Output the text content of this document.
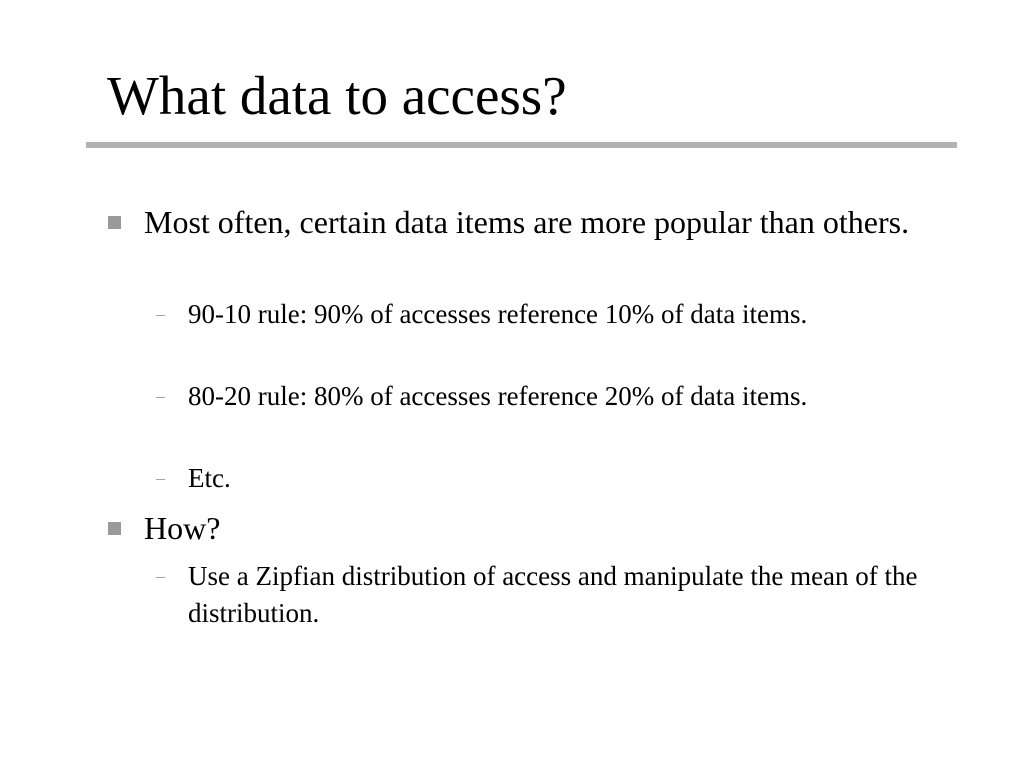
What data to access?
Most often, certain data items are more popular than others.
– 90-10 rule: 90% of accesses reference 10% of data items.
– 80-20 rule: 80% of accesses reference 20% of data items.
– Etc.
How?
– Use a Zipfian distribution of access and manipulate the mean of the distribution.
